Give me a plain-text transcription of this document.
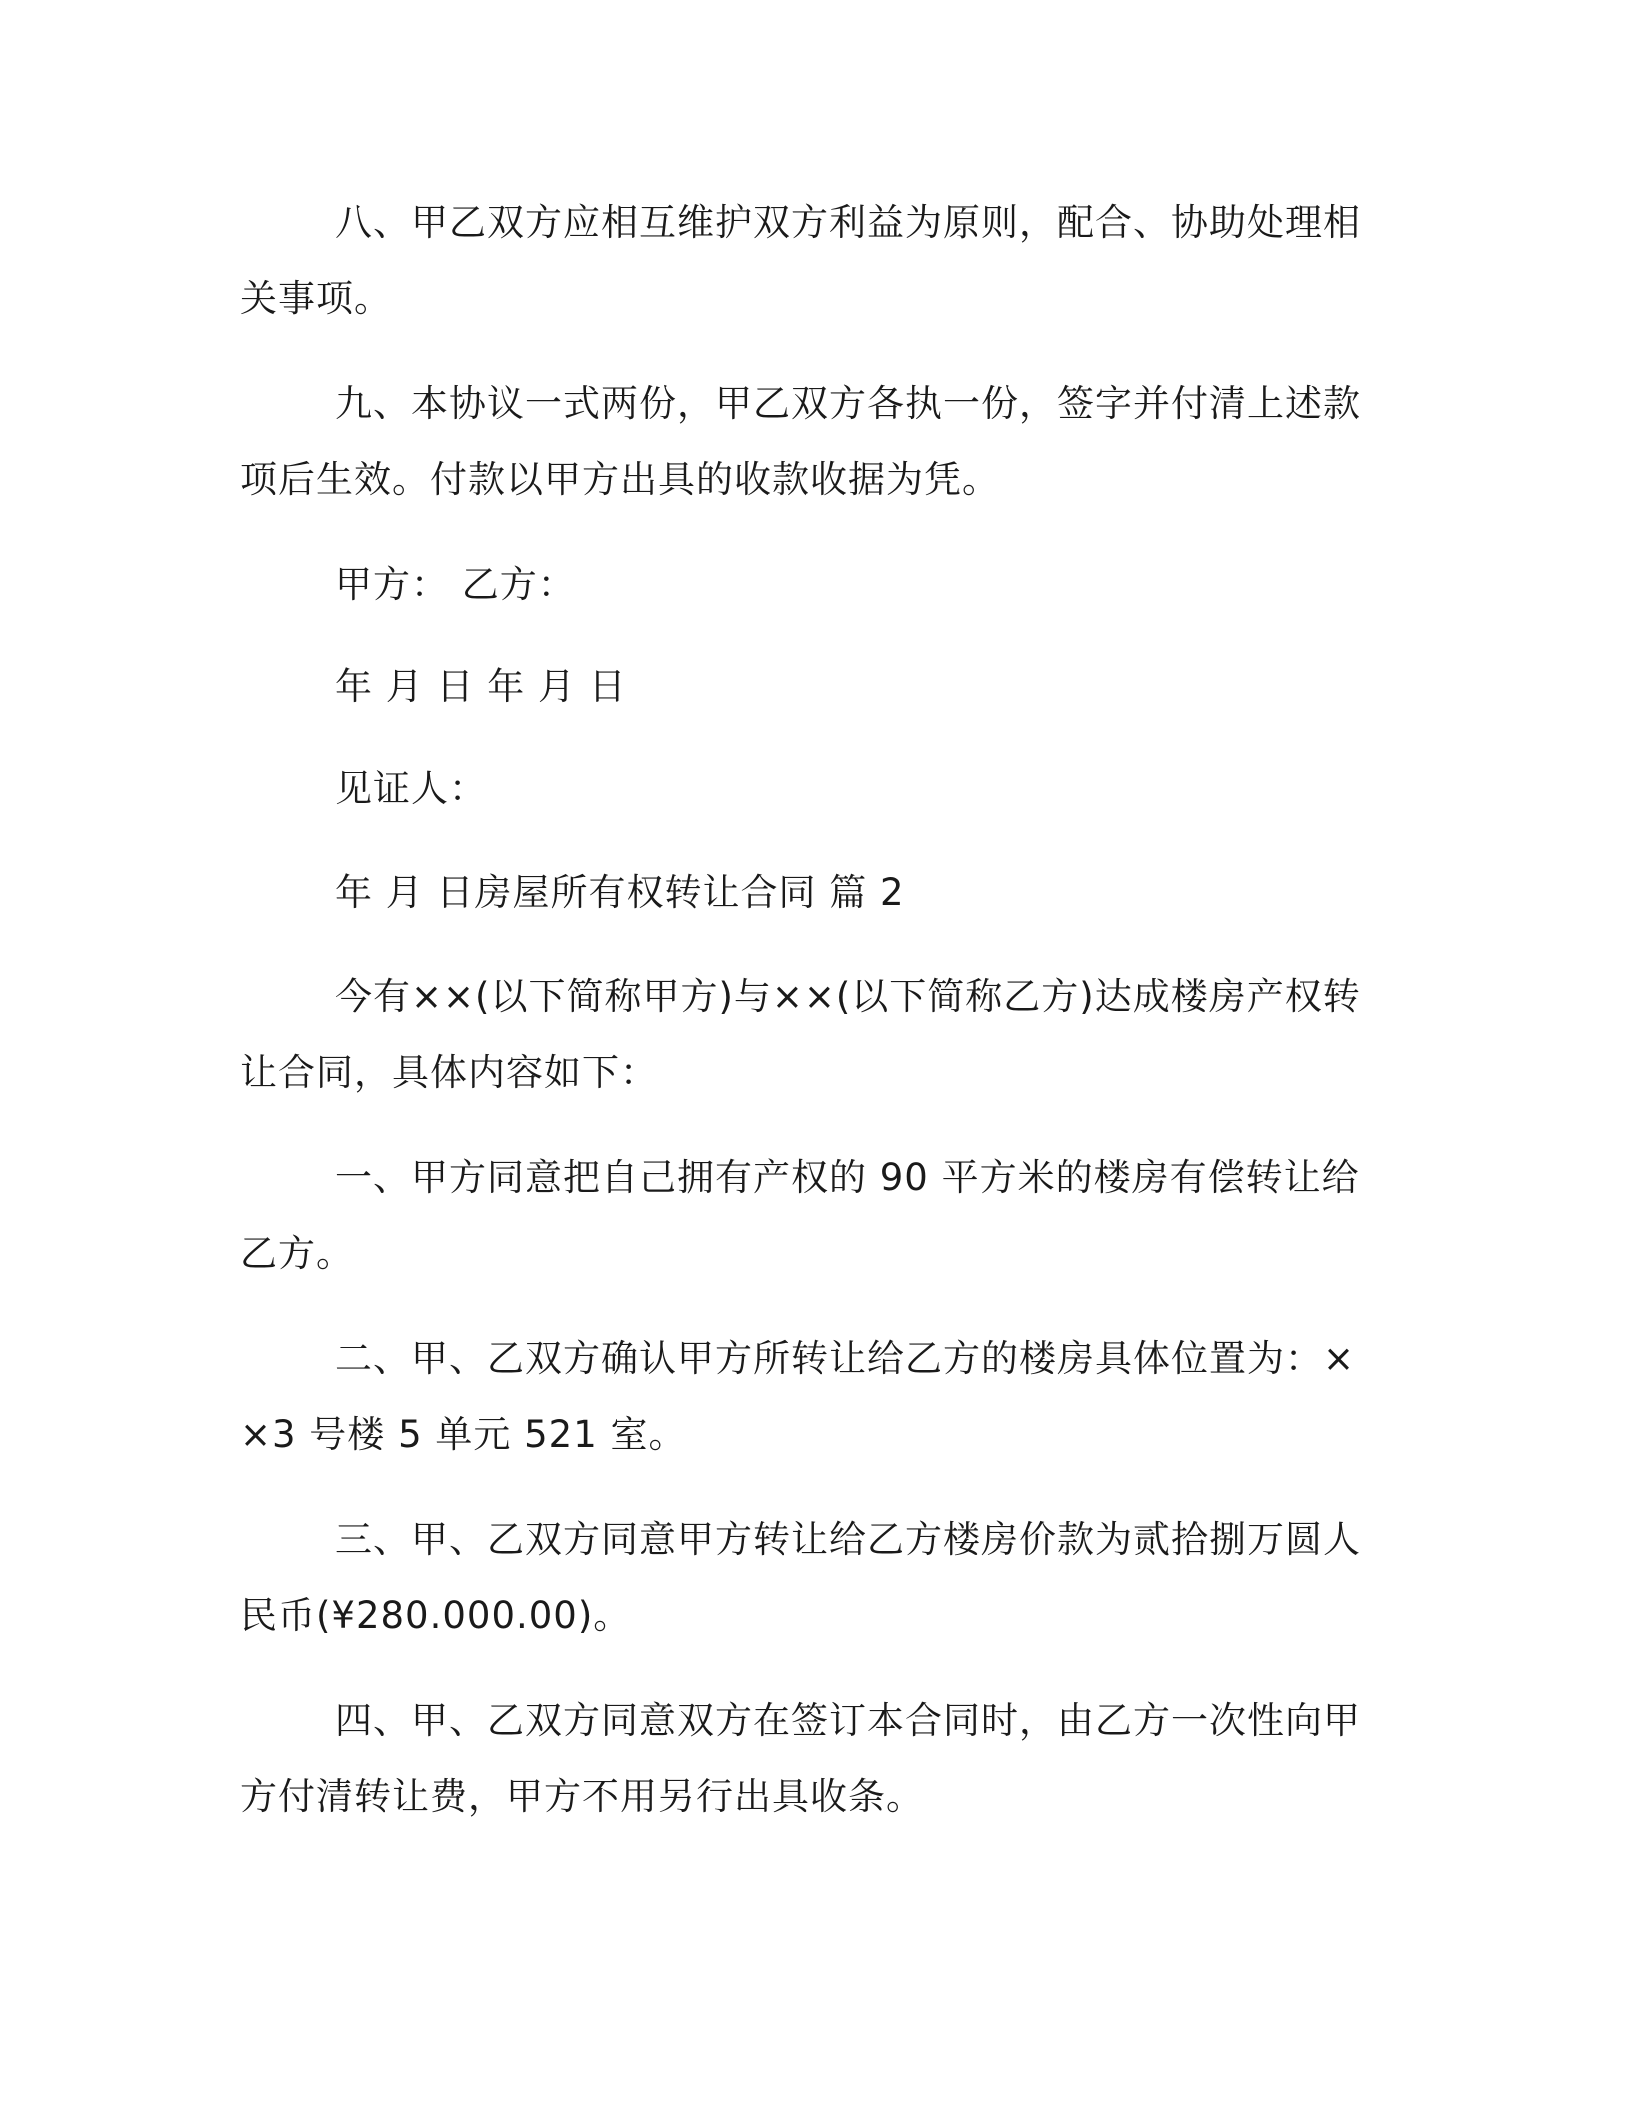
八、甲乙双方应相互维护双方利益为原则，配合、协助处理相关事项。

九、本协议一式两份，甲乙双方各执一份，签字并付清上述款项后生效。付款以甲方出具的收款收据为凭。

甲方： 乙方：

年 月 日 年 月 日

见证人：

年 月 日房屋所有权转让合同 篇 2

今有××(以下简称甲方)与××(以下简称乙方)达成楼房产权转让合同，具体内容如下：

一、甲方同意把自己拥有产权的 90 平方米的楼房有偿转让给乙方。

二、甲、乙双方确认甲方所转让给乙方的楼房具体位置为：××3 号楼 5 单元 521 室。

三、甲、乙双方同意甲方转让给乙方楼房价款为贰拾捌万圆人民币(¥280.000.00)。

四、甲、乙双方同意双方在签订本合同时，由乙方一次性向甲方付清转让费，甲方不用另行出具收条。
